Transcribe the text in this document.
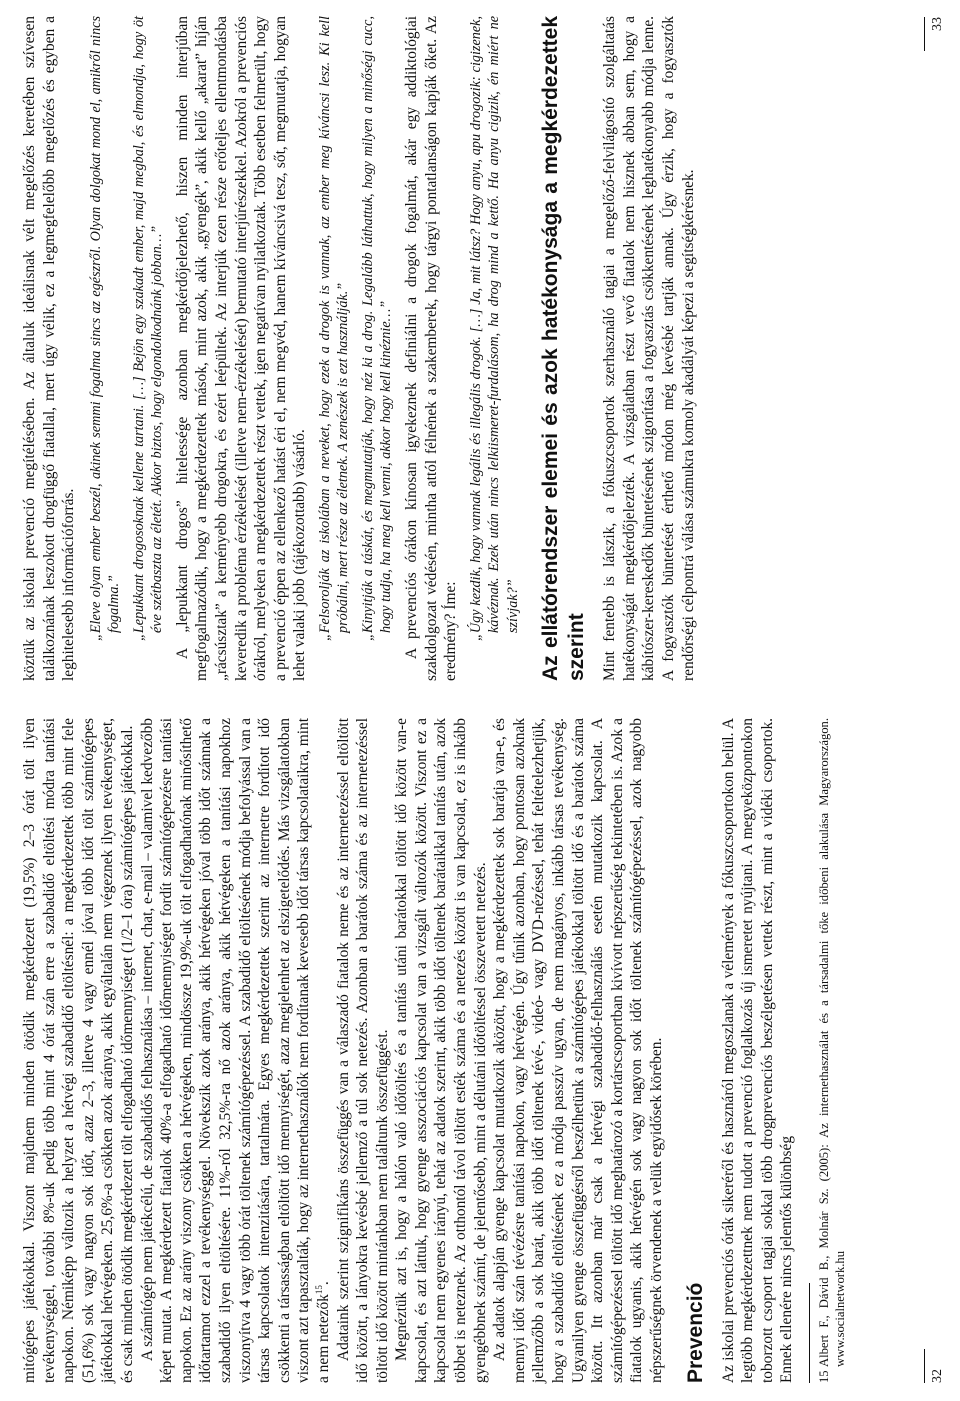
mitógépes játékokkal. Viszont majdnem minden ötödik megkérdezett (19,5%) 2–3 órát tölt ilyen tevékenységgel, további 8%-uk pedig több mint 4 órát szán erre a szabadidő eltöltési módra tanítási napokon. Némiképp változik a helyzet a hétvégi szabadidő eltöltésnél: a megkérdezettek több mint fele (51,6%) sok vagy nagyon sok időt, azaz 2–3, illetve 4 vagy ennél jóval több időt tölt számítógépes játékokkal hétvégeken. 25,6%-a csökken azok aránya, akik egyáltalán nem végeznek ilyen tevékenységet, és csak minden ötödik megkérdezett tölt elfogadható időmennyiséget (1/2–1 óra) számítógépes játékokkal. A számítógép nem játékcélú, de szabadidős felhasználása – internet, chat, e-mail – valamivel kedvezőbb képet mutat. A megkérdezett fiatalok 40%-a elfogadható időmennyiséget fordít számítógépezésre tanítási napokon. Ez az arány viszony csökken a hétvégeken, mindössze 19,9%-uk tölt elfogadhatónak minősíthető időtartamot ezzel a tevékenységgel. Növekszik azok aránya, akik hétvégeken jóval több időt szánnak a szabadidő ilyen eltöltésére. 11%-ról 32,5%-ra nő azok aránya, akik hétvégeken a tanítási napokhoz viszonyítva 4 vagy több órát töltenek számítógépezéssel. A szabadidő eltöltésének módja befolyással van a társas kapcsolatok intenzitására, tartalmára. Egyes megkérdezettek szerint az internetre fordított idő csökkenti a társasságban eltöltött idő mennyiségét, azaz megjelenhet az elszigetelődés. Más vizsgálatokban viszont azt tapasztalták, hogy az internethasználók nem fordítanak kevesebb időt társas kapcsolataikra, mint a nem netezők$^{15}$. Adataink szerint szignifikáns összefüggés van a válaszadó fiatalok neme és az internetezéssel eltöltött idő között, a lányokra kevésbé jellemző a túl sok netezés. Azonban a barátok száma és az internetezéssel töltött idő között mintánkban nem találtunk összefüggést. Megnéztük azt is, hogy a hálón való időtöltés és a tanítás utáni barátokkal töltött idő között van-e kapcsolat, és azt láttuk, hogy gyenge asszociációs kapcsolat van a vizsgált változók között. Viszont ez a kapcsolat nem egyenes irányú, tehát az adatok szerint, akik több időt töltenek barátaikkal tanítás után, azok többet is neteznek. Az otthontól távol töltött esték száma és a netezés között is van kapcsolat, ez is inkább gyengébbnek számít, de jelentősebb, mint a délutáni időtöltéssel összevetett netezés. Az adatok alapján gyenge kapcsolat mutatkozik aközött, hogy a megkérdezettek sok barátja van-e, és mennyi időt szán tévézésre tanítási napokon, vagy hétvégén. Úgy tűnik azonban, hogy pontosan azoknak jellemzőbb a sok barát, akik több időt töltenek tévé-, videó- vagy DVD-nézéssel, tehát feltételezhetjük, hogy a szabadidő eltöltésének ez a módja passzív ugyan, de nem magányos, inkább társas tevékenység. Ugyanilyen gyenge összefüggésről beszélhetünk a számítógépes játékokkal töltött idő és a barátok száma között. Itt azonban már csak a hétvégi szabadidő-felhasználás esetén mutatkozik kapcsolat. A számítógépezéssel töltött idő meghatározó a kortárscsoportban kivívott népszerűség tekintetében is. Azok a fiatalok ugyanis, akik hétvégén sok vagy nagyon sok időt töltenek számítógépezéssel, azok nagyobb népszerűségnek örvendenek a velük egyidősek körében. Prevenció Az iskolai prevenciós órák sikeréről és hasznáról megoszlanak a vélemények a fókuszcsoportokon belül. A legtöbb megkérdezettnek nem tudott a prevenció foglalkozás új ismeretet nyújtani. A megyeközpontokon toborzott csoport tagjai sokkal több drogprevenciós beszélgetésen vettek részt, mint a vidéki csoportok. Ennek ellenére nincs jelentős különbség 15
Albert F., Dávid B., Molnár Sz. (2005): Az internethasználat és a társadalmi tőke időbeni alakulása Magyarországon. www.socialnetwork.hu
32

köztük az iskolai prevenció megítélésében. Az általuk ideálisnak vélt megelőzés keretében szívesen találkoznának leszokott drogfüggő fiatallal, mert úgy vélik, ez a legmegfelelőbb megelőzés és egyben a leghitelesebb információforrás. „Eleve olyan ember beszél, akinek semmi fogalma sincs az egészről. Olyan dolgokat mond el, amikről nincs fogalma.” „Lepukkant drogosoknak kellene tartani. […] Bejön egy szakadt ember, majd megbal, és elmondja, hogy öt éve szétbaszta az életét. Akkor biztos, hogy elgondolkodnánk jobban…” A „lepukkant drogos” hitelessége azonban megkérdőjelezhető, hiszen minden interjúban megfogalmazódik, hogy a megkérdezettek mások, mint azok, akik „gyengék”, akik kellő „akarat” híján „rácsúsztak” a keményebb drogokra, és ezért leépültek. Az interjúk ezen része erőteljes ellentmondásba keveredik a probléma érzékelését (illetve nem-érzékelését) bemutató interjúrészekkel. Azokról a prevenciós órákról, melyeken a megkérdezettek részt vettek, igen negatívan nyilatkoztak. Több esetben felmerült, hogy a prevenció éppen az ellenkező hatást éri el, nem megvéd, hanem kíváncsivá tesz, sőt, megmutatja, hogyan lehet valaki jobb (tájékozottabb) vásárló. „Felsorolják az iskolában a neveket, hogy ezek a drogok is vannak, az ember meg kíváncsi lesz. Ki kell próbálni, mert része az életnek. A zenészek is ezt használják.” „Kinyitják a táskát, és megmutatják, hogy néz ki a drog. Legalább láthattuk, hogy milyen a minőségi cucc, hogy tudja, ha meg kell venni, akkor hogy kell kinéznie…” A prevenciós órákon kínosan igyekeznek definiálni a drogok fogalmát, akár egy addiktológiai szakdolgozat védésén, mintha attól félnének a szakemberek, hogy tárgyi pontatlanságon kapják őket. Az eredmény? Íme: „Úgy kezdik, hogy vannak legális és illegális drogok. […] Ja, mit látsz? Hogy anyu, apu drogozik: cigizenek, kávéznak. Ezek után nincs lelkiismeret-furdalásom, ha drog mind a kettő. Ha anyu cigizik, én miért ne szívjak?” Az ellátórendszer elemei és azok hatékonysága a megkérdezettek szerint Mint fentebb is látszik, a fókuszcsoportok szerhasználó tagjai a megelőző-felvilágosító szolgáltatás hatékonyságát megkérdőjelezték. A vizsgálatban részt vevő fiatalok nem hisznek abban sem, hogy a kábítószer-kereskedők büntetésének szigorítása a fogyasztás csökkentésének leghatékonyabb módja lenne. A fogyasztók büntetését érthető módon még kevésbé tartják annak. Úgy érzik, hogy a fogyasztók rendőrségi célpontrá válása számukra komoly akadályát képezi a segítségkérésnek.

33
